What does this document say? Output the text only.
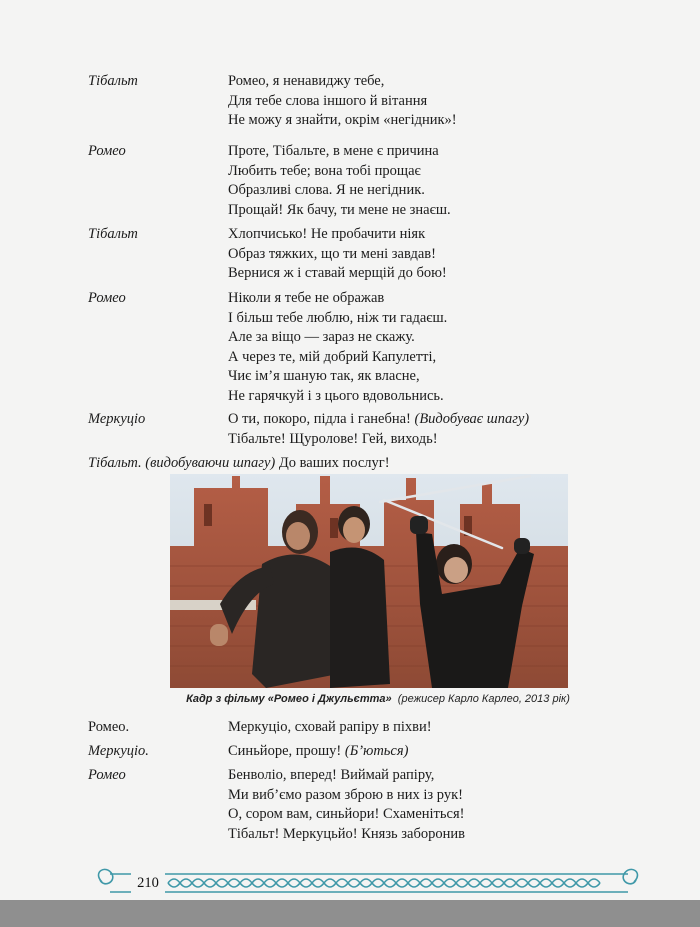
Тібальт	Ромео, я ненавиджу тебе,
Для тебе слова іншого й вітання
Не можу я знайти, окрім «негідник»!
Ромео	Проте, Тібальте, в мене є причина
Любить тебе; вона тобі прощає
Образливі слова. Я не негідник.
Прощай! Як бачу, ти мене не знаєш.
Тібальт	Хлопчисько! Не пробачити ніяк
Образ тяжких, що ти мені завдав!
Вернися ж і ставай мерщій до бою!
Ромео	Ніколи я тебе не ображав
І більш тебе люблю, ніж ти гадаєш.
Але за віщо — зараз не скажу.
А через те, мій добрий Капулетті,
Чиє ім’я шаную так, як власне,
Не гарячкуй і з цього вдовольнись.
Меркуціо	О ти, покоро, підла і ганебна! (Видобуває шпагу)
Тібальте! Щуролове! Гей, виходь!
Тібальт. (видобуваючи шпагу) До ваших послуг!
Кадр з фільму «Ромео і Джульєтта» (режисер Карло Карлео, 2013 рік)
Ромео.	Меркуціо, сховай рапіру в піхви!
Меркуціо.	Синьйоре, прошу! (Б’ються)
Ромео	Бенволіо, вперед! Виймай рапіру,
Ми виб’ємо разом зброю в них із рук!
О, сором вам, синьйори! Схаменіться!
Тібальт! Меркуцьйо! Князь заборонив
210
